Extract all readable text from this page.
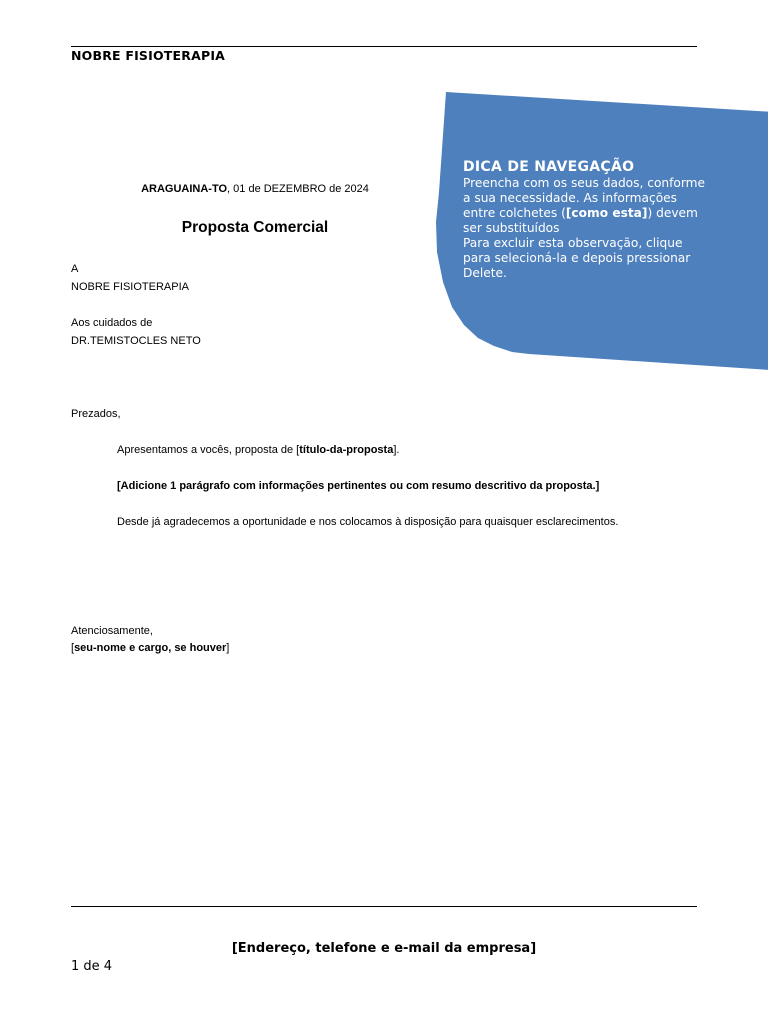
NOBRE FISIOTERAPIA
DICA DE NAVEGAÇÃO
Preencha com os seus dados, conforme
a sua necessidade. As informações
entre colchetes ([como esta]) devem
ser substituídos
Para excluir esta observação, clique
para selecioná-la e depois pressionar
Delete.
ARAGUAINA-TO, 01 de DEZEMBRO de 2024
Proposta Comercial
A
NOBRE FISIOTERAPIA
Aos cuidados de
DR.TEMISTOCLES NETO
Prezados,
Apresentamos a vocês, proposta de [título-da-proposta].
[Adicione 1 parágrafo com informações pertinentes ou com resumo descritivo da proposta.]
Desde já agradecemos a oportunidade e nos colocamos à disposição para quaisquer esclarecimentos.
Atenciosamente,
[seu-nome e cargo, se houver]
[Endereço, telefone e e-mail da empresa]
1 de 4
